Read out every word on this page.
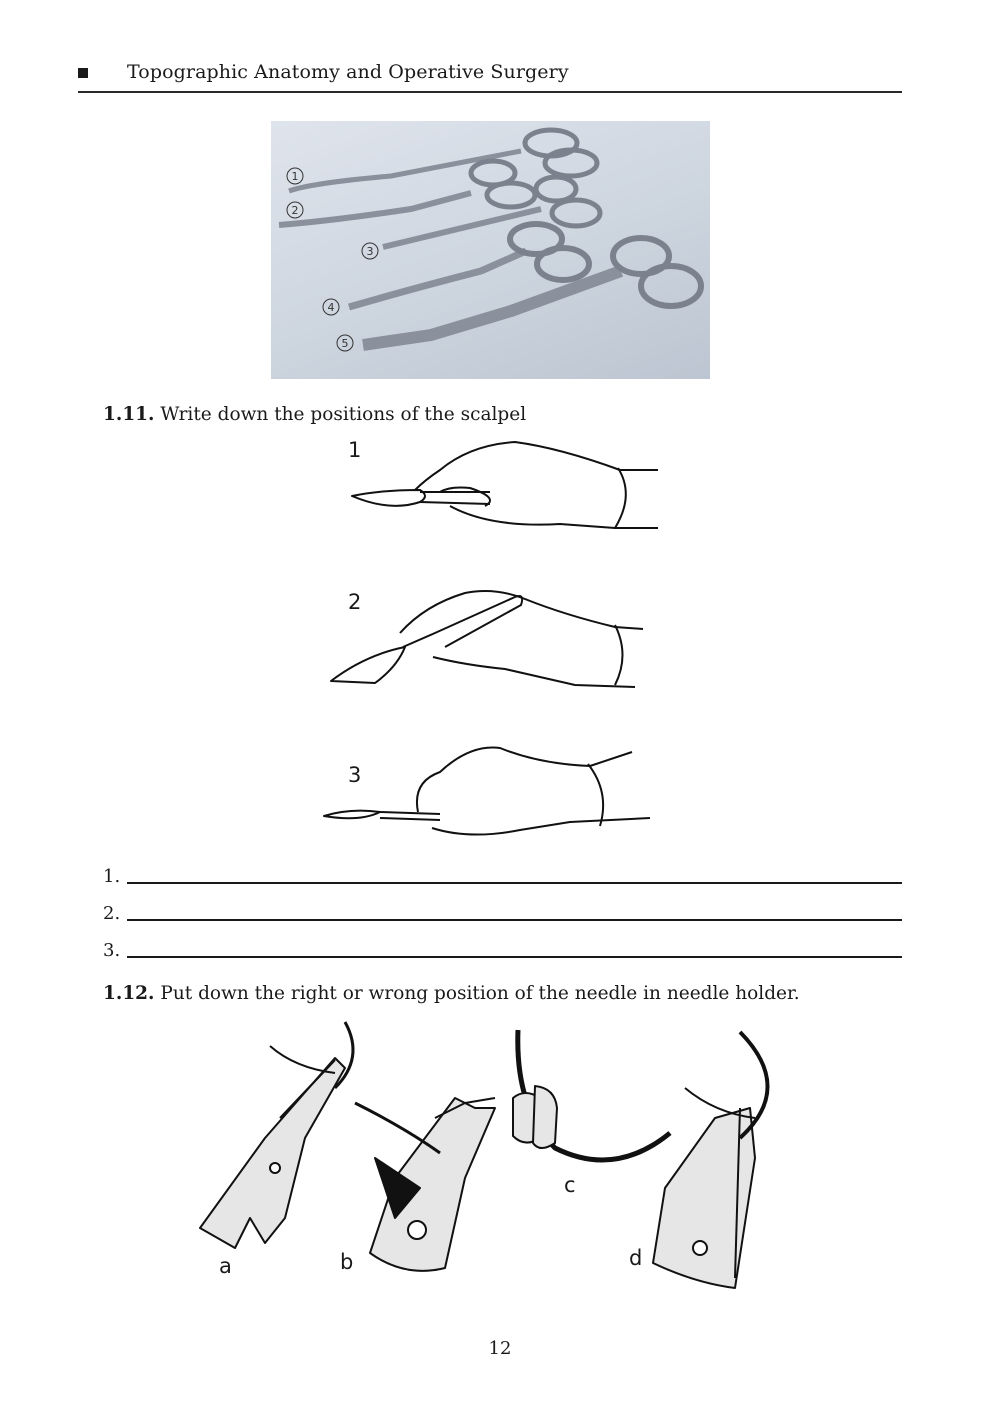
Topographic Anatomy and Operative Surgery
1
2
3
4
5
1.11. Write down the positions of the scalpel
1
2
3
1.
2.
3.
1.12. Put down the right or wrong position of the needle in needle holder.
a	b
c
d
12
